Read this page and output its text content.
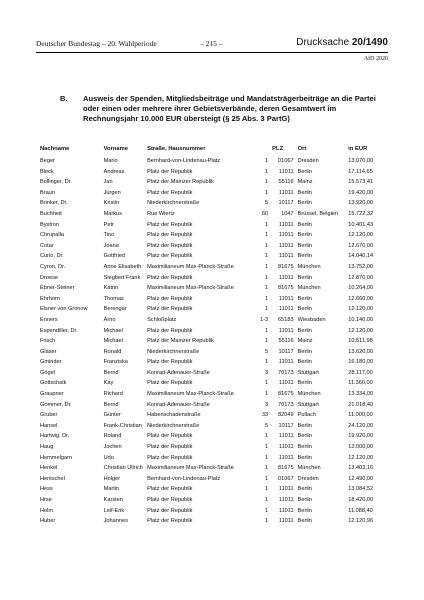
Deutscher Bundestag – 20. Wahlperiode	– 215 –	Drucksache 20/1490
AfD 2020
B. Ausweis der Spenden, Mitgliedsbeiträge und Mandatsträgerbeiträge an die Partei oder einen oder mehrere ihrer Gebietsverbände, deren Gesamtwert im Rechnungsjahr 10.000 EUR übersteigt (§ 25 Abs. 3 PartG)
Nachname	Vorname	Straße, Hausnummer		PLZ	Ort	in EUR
Beger	Mario	Bernhard-von-Lindenau-Platz	1	01067	Dresden	13.070,00
Bleck	Andreas	Platz der Republik	1	11011	Berlin	17.114,65
Bollinger, Dr.	Jan	Platz der Mainzer Republik	1	55116	Mainz	15.573,41
Braun	Jürgen	Platz der Republik	1	11011	Berlin	19.420,00
Brinker, Dr.	Kristin	Niederkirchnerstraße	5	10117	Berlin	13.920,00
Buchheit	Markus	Rue Wiertz	60	1047	Brüssel, Belgien	15.722,32
Bystron	Petr	Platz der Republik	1	11011	Berlin	10.401,43
Chrupalla	Tino	Platz der Republik	1	11011	Berlin	12.120,00
Cotar	Joana	Platz der Republik	1	11011	Berlin	12.670,00
Curio, Dr.	Gottfried	Platz der Republik	1	11011	Berlin	14.040,14
Cyron, Dr.	Anne Elisabeth	Maximilianeum Max-Planck-Straße	1	81675	München	13.752,00
Droese	Siegbert Frank	Platz der Republik	1	11011	Berlin	12.870,00
Ebner-Steiner	Katrin	Maximilianeum Max-Planck-Straße	1	81675	München	10.264,00
Ehrhorn	Thomas	Platz der Republik	1	11011	Berlin	12.660,00
Elsner von Gronow	Berengar	Platz der Republik	1	11011	Berlin	12.120,00
Enners	Arno	Schloßplatz	1-3	65183	Wiesbaden	10.140,00
Espendiller, Dr.	Michael	Platz der Republik	1	11011	Berlin	12.120,00
Frisch	Michael	Platz der Mainzer Republik	1	55116	Mainz	10.511,98
Gläser	Ronald	Niederkirchnerstraße	5	10117	Berlin	13.620,00
Gminder	Franziska	Platz der Republik	1	11011	Berlin	16.180,00
Gögel	Bernd	Konrad-Adenauer-Straße	3	70173	Stuttgart	28.117,00
Gottschalk	Kay	Platz der Republik	1	11011	Berlin	11.360,00
Graupner	Richard	Maximilianeum Max-Planck-Straße	1	81675	München	13.334,00
Grimmer, Dr.	Bernd	Konrad-Adenauer-Straße	3	70173	Stuttgart	21.018,40
Gruber	Günter	Habenschadenstraße	33	82049	Pullach	11.000,00
Hansel	Frank-Christian	Niederkirchnerstraße	5	10117	Berlin	24.120,00
Hartwig, Dr.	Roland	Platz der Republik	1	11011	Berlin	19.920,00
Haug	Jochen	Platz der Republik	1	11011	Berlin	13.000,00
Hemmelgarn	Udo	Platz der Republik	1	11011	Berlin	12.120,00
Henkel	Christian Ullrich	Maximilianeum Max-Planck-Straße	1	81675	München	13.403,16
Hentschel	Holger	Bernhard-von-Lindenau-Platz	1	01067	Dresden	12.490,00
Hess	Martin	Platz der Republik	1	11011	Berlin	13.084,52
Hrse	Karsten	Platz der Republik	1	11011	Berlin	18.420,00
Holm	Leif-Erik	Platz der Republik	1	11011	Berlin	11.088,40
Huber	Johannes	Platz der Republik	1	11011	Berlin	12.120,96
